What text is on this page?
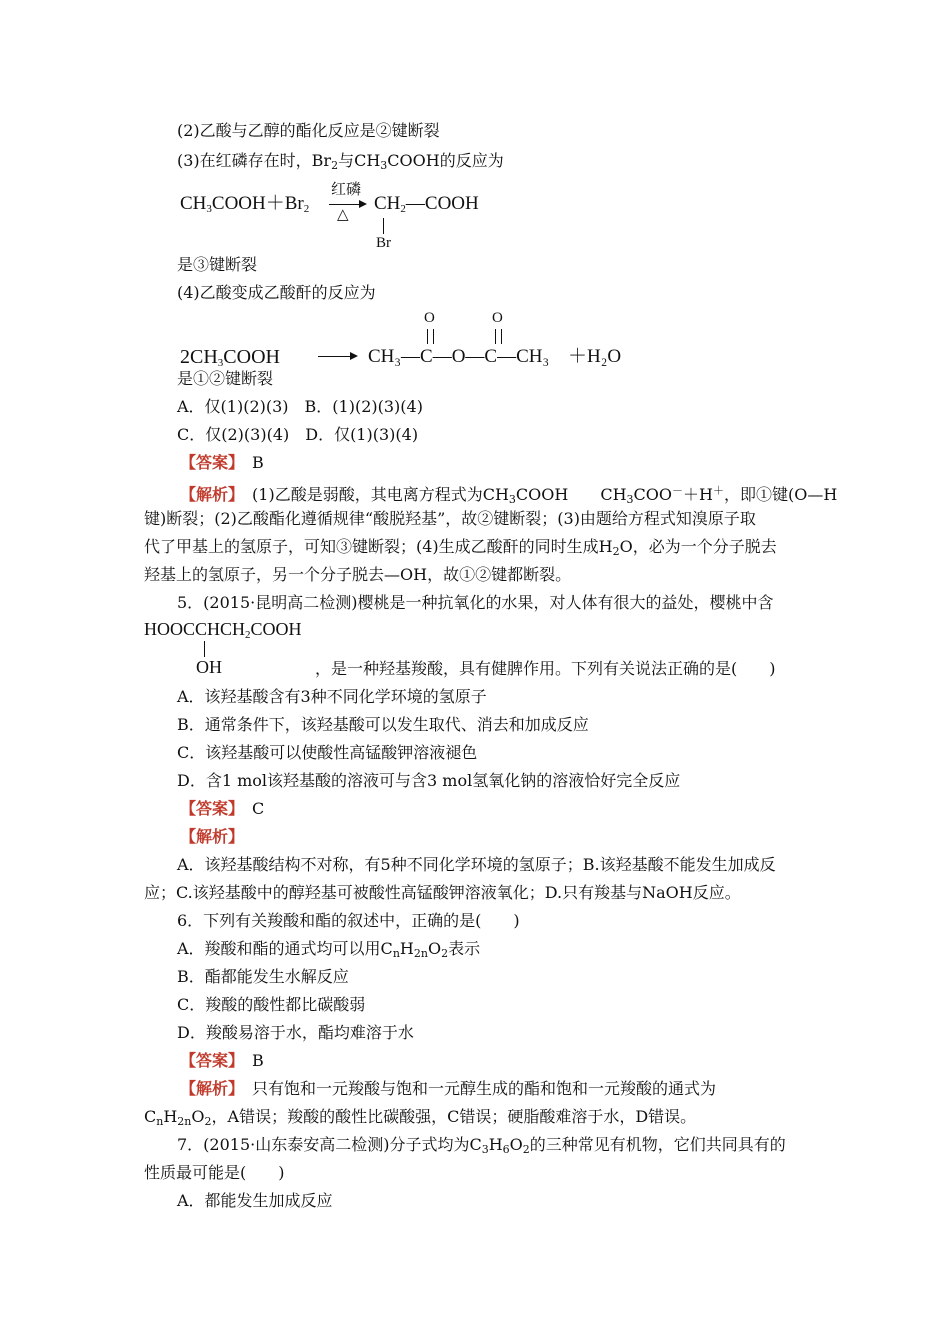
(2)乙酸与乙醇的酯化反应是②键断裂
(3)在红磷存在时，$Br_2$与$CH_3COOH$的反应为
$CH_3COOH+Br_2$
红磷
△
$CH_2—COOH$
Br
是③键断裂
(4)乙酸变成乙酸酐的反应为
$2CH_3COOH$ → CH₃—C—O—C—CH₃
O	O
＋H₂O
是①②键断裂
A．仅(1)(2)(3)　B．(1)(2)(3)(4)
C．仅(2)(3)(4)　D．仅(1)(3)(4)
【答案】　 B
【解析】　 (1)乙酸是弱酸，其电离方程式为$CH_3COOH$　　$CH_3COO^-+H^+$，即①键(O—H
键)断裂；(2)乙酸酯化遵循规律“酸脱羟基”，故②键断裂；(3)由题给方程式知溴原子取
代了甲基上的氢原子，可知③键断裂；(4)生成乙酸酐的同时生成$H_2O$，必为一个分子脱去
羟基上的氢原子，另一个分子脱去—OH，故①②键都断裂。
5．(2015·昆明高二检测)樱桃是一种抗氧化的水果，对人体有很大的益处，樱桃中含
$HOOCCHCH_2COOH$
OH	，是一种羟基羧酸，具有健脾作用。下列有关说法正确的是(　　)
A．该羟基酸含有3种不同化学环境的氢原子
B．通常条件下，该羟基酸可以发生取代、消去和加成反应
C．该羟基酸可以使酸性高锰酸钾溶液褪色
D．含1 mol该羟基酸的溶液可与含3 mol氢氧化钠的溶液恰好完全反应
【答案】　 C
【解析】
A．该羟基酸结构不对称，有5种不同化学环境的氢原子；B.该羟基酸不能发生加成反
应；C.该羟基酸中的醇羟基可被酸性高锰酸钾溶液氧化；D.只有羧基与NaOH反应。
6．下列有关羧酸和酯的叙述中，正确的是(　　)
A．羧酸和酯的通式均可以用$C_nH_{2n}O_2$表示
B．酯都能发生水解反应
C．羧酸的酸性都比碳酸弱
D．羧酸易溶于水，酯均难溶于水
【答案】　 B
【解析】　 只有饱和一元羧酸与饱和一元醇生成的酯和饱和一元羧酸的通式为
$C_nH_{2n}O_2$，A错误；羧酸的酸性比碳酸强，C错误；硬脂酸难溶于水，D错误。
7．(2015·山东泰安高二检测)分子式均为$C_3H_6O_2$的三种常见有机物，它们共同具有的
性质最可能是(　　)
A．都能发生加成反应
